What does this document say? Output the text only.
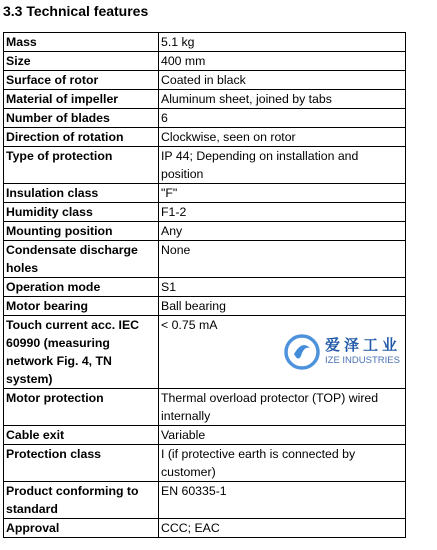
3.3 Technical features
Mass	5.1 kg
Size	400 mm
Surface of rotor	Coated in black
Material of impeller	Aluminum sheet, joined by tabs
Number of blades	6
Direction of rotation	Clockwise, seen on rotor
Type of protection	IP 44; Depending on installation and position
Insulation class	"F"
Humidity class	F1-2
Mounting position	Any
Condensate discharge holes	None
Operation mode	S1
Motor bearing	Ball bearing
Touch current acc. IEC 60990 (measuring network Fig. 4, TN system)	< 0.75 mA
Motor protection	Thermal overload protector (TOP) wired internally
Cable exit	Variable
Protection class	I (if protective earth is connected by customer)
Product conforming to standard	EN 60335-1
Approval	CCC; EAC
爱泽工业
IZE INDUSTRIES
